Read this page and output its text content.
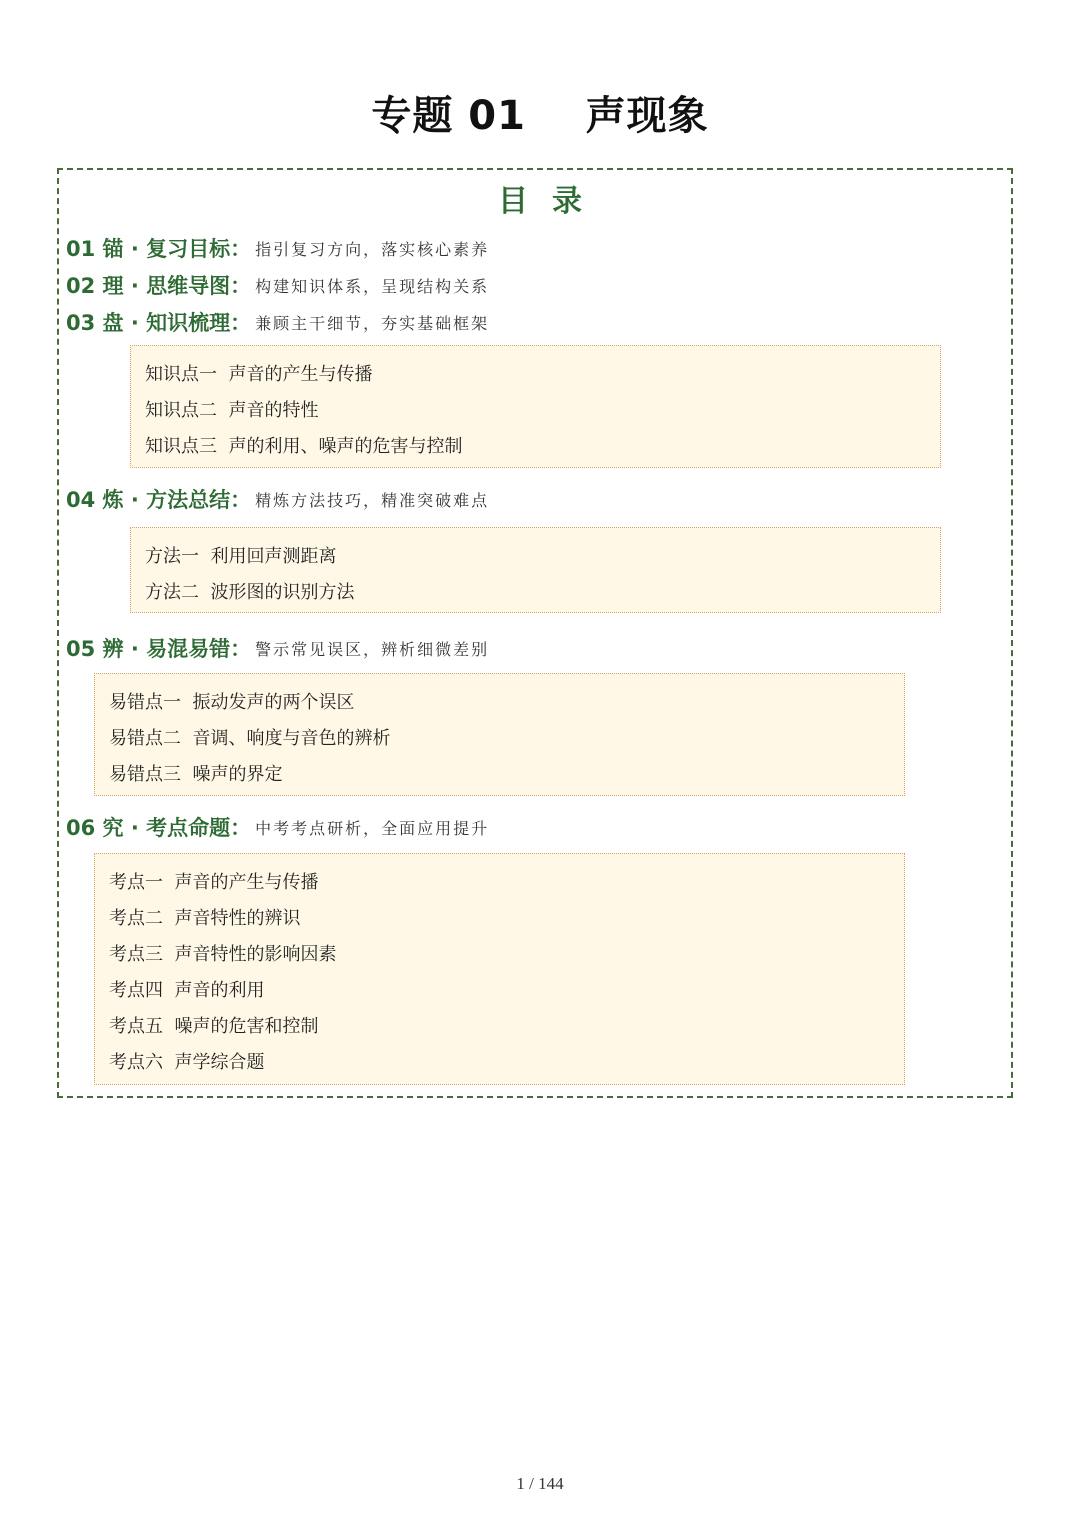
专题 01    声现象
目录
01 锚 · 复习目标： 指引复习方向，落实核心素养
02 理 · 思维导图： 构建知识体系，呈现结构关系
03 盘 · 知识梳理： 兼顾主干细节，夯实基础框架
知识点一  声音的产生与传播
知识点二  声音的特性
知识点三  声的利用、噪声的危害与控制
04 炼 · 方法总结： 精炼方法技巧，精准突破难点
方法一  利用回声测距离
方法二  波形图的识别方法
05 辨 · 易混易错： 警示常见误区，辨析细微差别
易错点一  振动发声的两个误区
易错点二  音调、响度与音色的辨析
易错点三  噪声的界定
06 究 · 考点命题： 中考考点研析，全面应用提升
考点一  声音的产生与传播
考点二  声音特性的辨识
考点三  声音特性的影响因素
考点四  声音的利用
考点五  噪声的危害和控制
考点六  声学综合题
1 / 144
